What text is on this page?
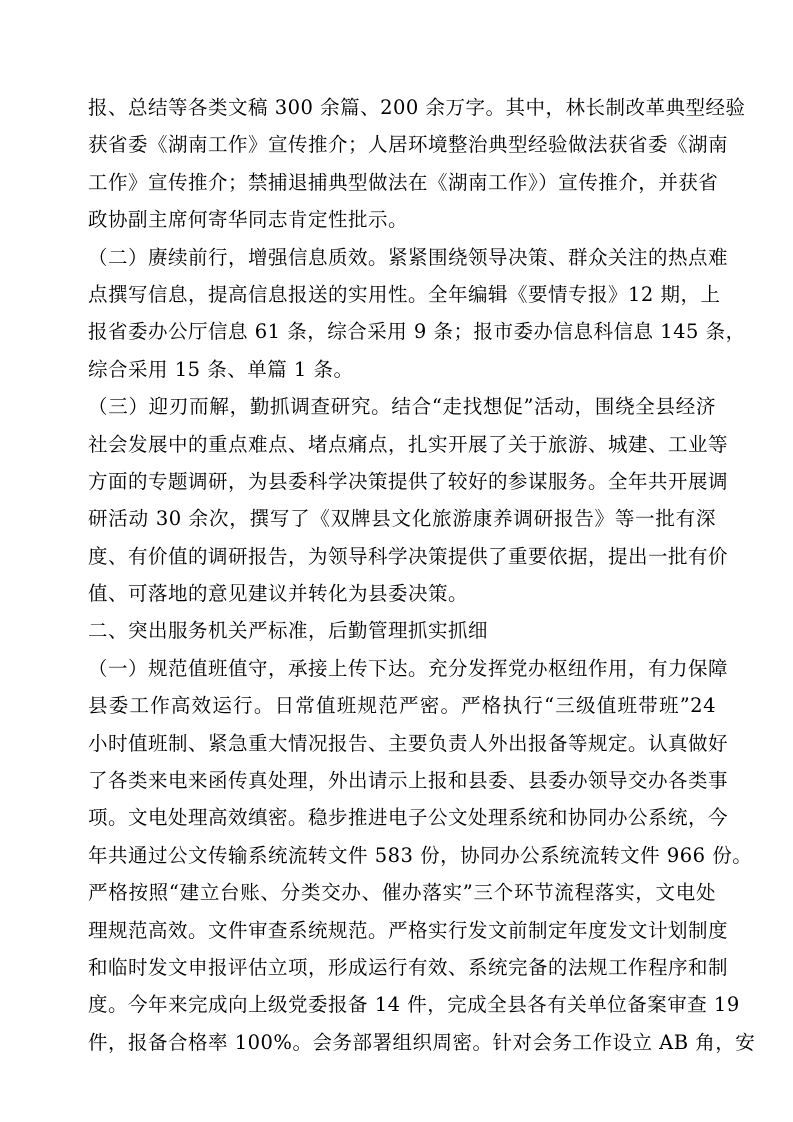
报、总结等各类文稿 300 余篇、200 余万字。其中，林长制改革典型经验
获省委《湖南工作》宣传推介；人居环境整治典型经验做法获省委《湖南
工作》宣传推介；禁捕退捕典型做法在《湖南工作》）宣传推介，并获省
政协副主席何寄华同志肯定性批示。
（二）赓续前行，增强信息质效。紧紧围绕领导决策、群众关注的热点难
点撰写信息，提高信息报送的实用性。全年编辑《要情专报》12 期，上
报省委办公厅信息 61 条，综合采用 9 条；报市委办信息科信息 145 条，
综合采用 15 条、单篇 1 条。
（三）迎刃而解，勤抓调查研究。结合“走找想促”活动，围绕全县经济
社会发展中的重点难点、堵点痛点，扎实开展了关于旅游、城建、工业等
方面的专题调研，为县委科学决策提供了较好的参谋服务。全年共开展调
研活动 30 余次，撰写了《双牌县文化旅游康养调研报告》等一批有深
度、有价值的调研报告，为领导科学决策提供了重要依据，提出一批有价
值、可落地的意见建议并转化为县委决策。
二、突出服务机关严标准，后勤管理抓实抓细
（一）规范值班值守，承接上传下达。充分发挥党办枢纽作用，有力保障
县委工作高效运行。日常值班规范严密。严格执行“三级值班带班”24
小时值班制、紧急重大情况报告、主要负责人外出报备等规定。认真做好
了各类来电来函传真处理，外出请示上报和县委、县委办领导交办各类事
项。文电处理高效缜密。稳步推进电子公文处理系统和协同办公系统，今
年共通过公文传输系统流转文件 583 份，协同办公系统流转文件 966 份。
严格按照“建立台账、分类交办、催办落实”三个环节流程落实，文电处
理规范高效。文件审查系统规范。严格实行发文前制定年度发文计划制度
和临时发文申报评估立项，形成运行有效、系统完备的法规工作程序和制
度。今年来完成向上级党委报备 14 件，完成全县各有关单位备案审查 19
件，报备合格率 100%。会务部署组织周密。针对会务工作设立 AB 角，安
